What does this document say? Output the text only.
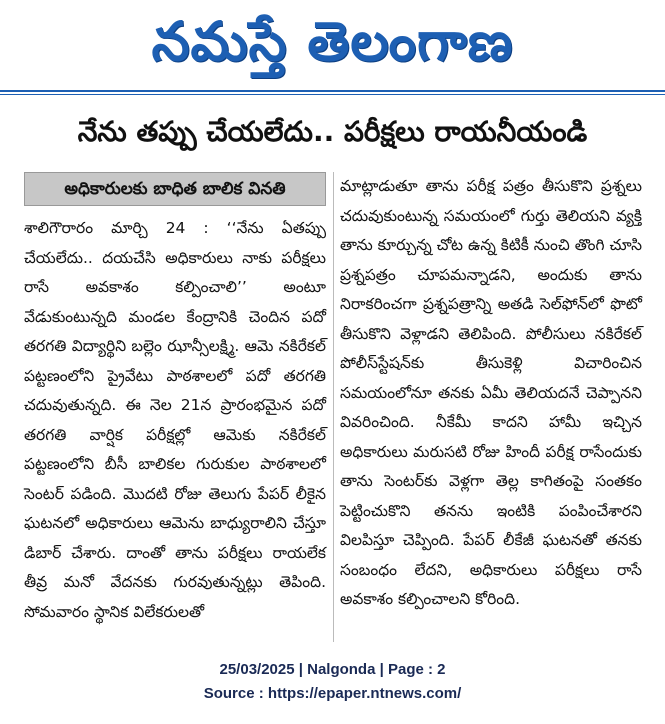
నమస్తే తెలంగాణ
నేను తప్పు చేయలేదు.. పరీక్షలు రాయనీయండి
అధికారులకు బాధిత బాలిక వినతి

శాలిగౌరారం మార్చి 24 : ‘‘నేను ఏతప్పు చేయలేదు.. దయచేసి అధికారులు నాకు పరీక్షలు రాసే అవకాశం కల్పించాలి’’ అంటూ వేడుకుంటున్నది మండల కేంద్రానికి చెందిన పదో తరగతి విద్యార్థిని బల్లెం ఝాన్సీలక్ష్మి. ఆమె నకిరేకల్ పట్టణంలోని ప్రైవేటు పాఠశాలలో పదో తరగతి చదువుతున్నది. ఈ నెల 21న ప్రారంభమైన పదో తరగతి వార్షిక పరీక్షల్లో ఆమెకు నకిరేకల్ పట్టణంలోని బీసీ బాలికల గురుకుల పాఠశాలలో సెంటర్ పడింది. మొదటి రోజు తెలుగు పేపర్ లీకైన ఘటనలో అధికారులు ఆమెను బాధ్యురాలిని చేస్తూ డిబార్ చేశారు. దాంతో తాను పరీక్షలు రాయలేక తీవ్ర మనో వేదనకు గురవుతున్నట్లు తెపింది. సోమవారం స్థానిక విలేకరులతో

మాట్లాడుతూ తాను పరీక్ష పత్రం తీసుకొని ప్రశ్నలు చదువుకుంటున్న సమయంలో గుర్తు తెలియని వ్యక్తి తాను కూర్చున్న చోట ఉన్న కిటికీ నుంచి తొంగి చూసి ప్రశ్నపత్రం చూపమన్నాడని, అందుకు తాను నిరాకరించగా ప్రశ్నపత్రాన్ని అతడి సెల్‌ఫోన్‌లో ఫొటో తీసుకొని వెళ్లాడని తెలిపింది. పోలీసులు నకిరేకల్ పోలీస్‌స్టేషన్‌కు తీసుకెళ్లి విచారించిన సమయంలోనూ తనకు ఏమీ తెలియదనే చెప్పానని వివరించింది. నీకేమీ కాదని హామీ ఇచ్చిన అధికారులు మరుసటి రోజు హిందీ పరీక్ష రాసేందుకు తాను సెంటర్‌కు వెళ్లగా తెల్ల కాగితంపై సంతకం పెట్టించుకొని తనను ఇంటికి పంపించేశారని విలపిస్తూ చెప్పింది. పేపర్ లీకేజీ ఘటనతో తనకు సంబంధం లేదని, అధికారులు పరీక్షలు రాసే అవకాశం కల్పించాలని కోరింది.

25/03/2025 | Nalgonda | Page : 2
Source : https://epaper.ntnews.com/
